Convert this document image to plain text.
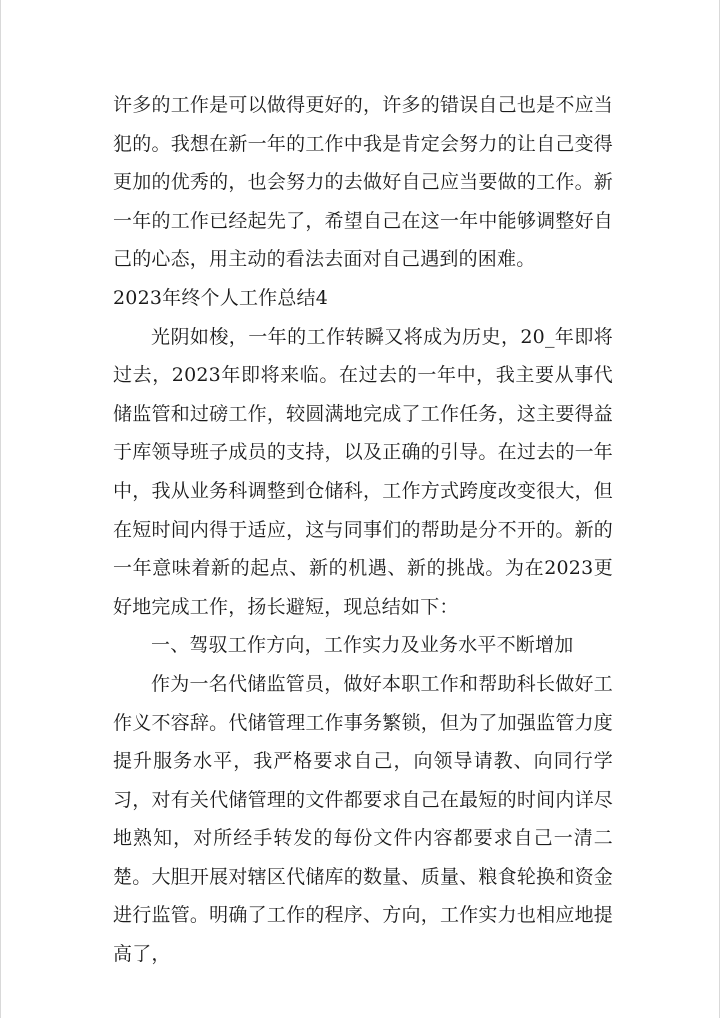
许多的工作是可以做得更好的，许多的错误自己也是不应当犯的。我想在新一年的工作中我是肯定会努力的让自己变得更加的优秀的，也会努力的去做好自己应当要做的工作。新一年的工作已经起先了，希望自己在这一年中能够调整好自己的心态，用主动的看法去面对自己遇到的困难。

2023年终个人工作总结4

光阴如梭，一年的工作转瞬又将成为历史，20_年即将过去，2023年即将来临。在过去的一年中，我主要从事代储监管和过磅工作，较圆满地完成了工作任务，这主要得益于库领导班子成员的支持，以及正确的引导。在过去的一年中，我从业务科调整到仓储科，工作方式跨度改变很大，但在短时间内得于适应，这与同事们的帮助是分不开的。新的一年意味着新的起点、新的机遇、新的挑战。为在2023更好地完成工作，扬长避短，现总结如下：

一、驾驭工作方向，工作实力及业务水平不断增加

作为一名代储监管员，做好本职工作和帮助科长做好工作义不容辞。代储管理工作事务繁锁，但为了加强监管力度提升服务水平，我严格要求自己，向领导请教、向同行学习，对有关代储管理的文件都要求自己在最短的时间内详尽地熟知，对所经手转发的每份文件内容都要求自己一清二楚。大胆开展对辖区代储库的数量、质量、粮食轮换和资金进行监管。明确了工作的程序、方向，工作实力也相应地提高了，
